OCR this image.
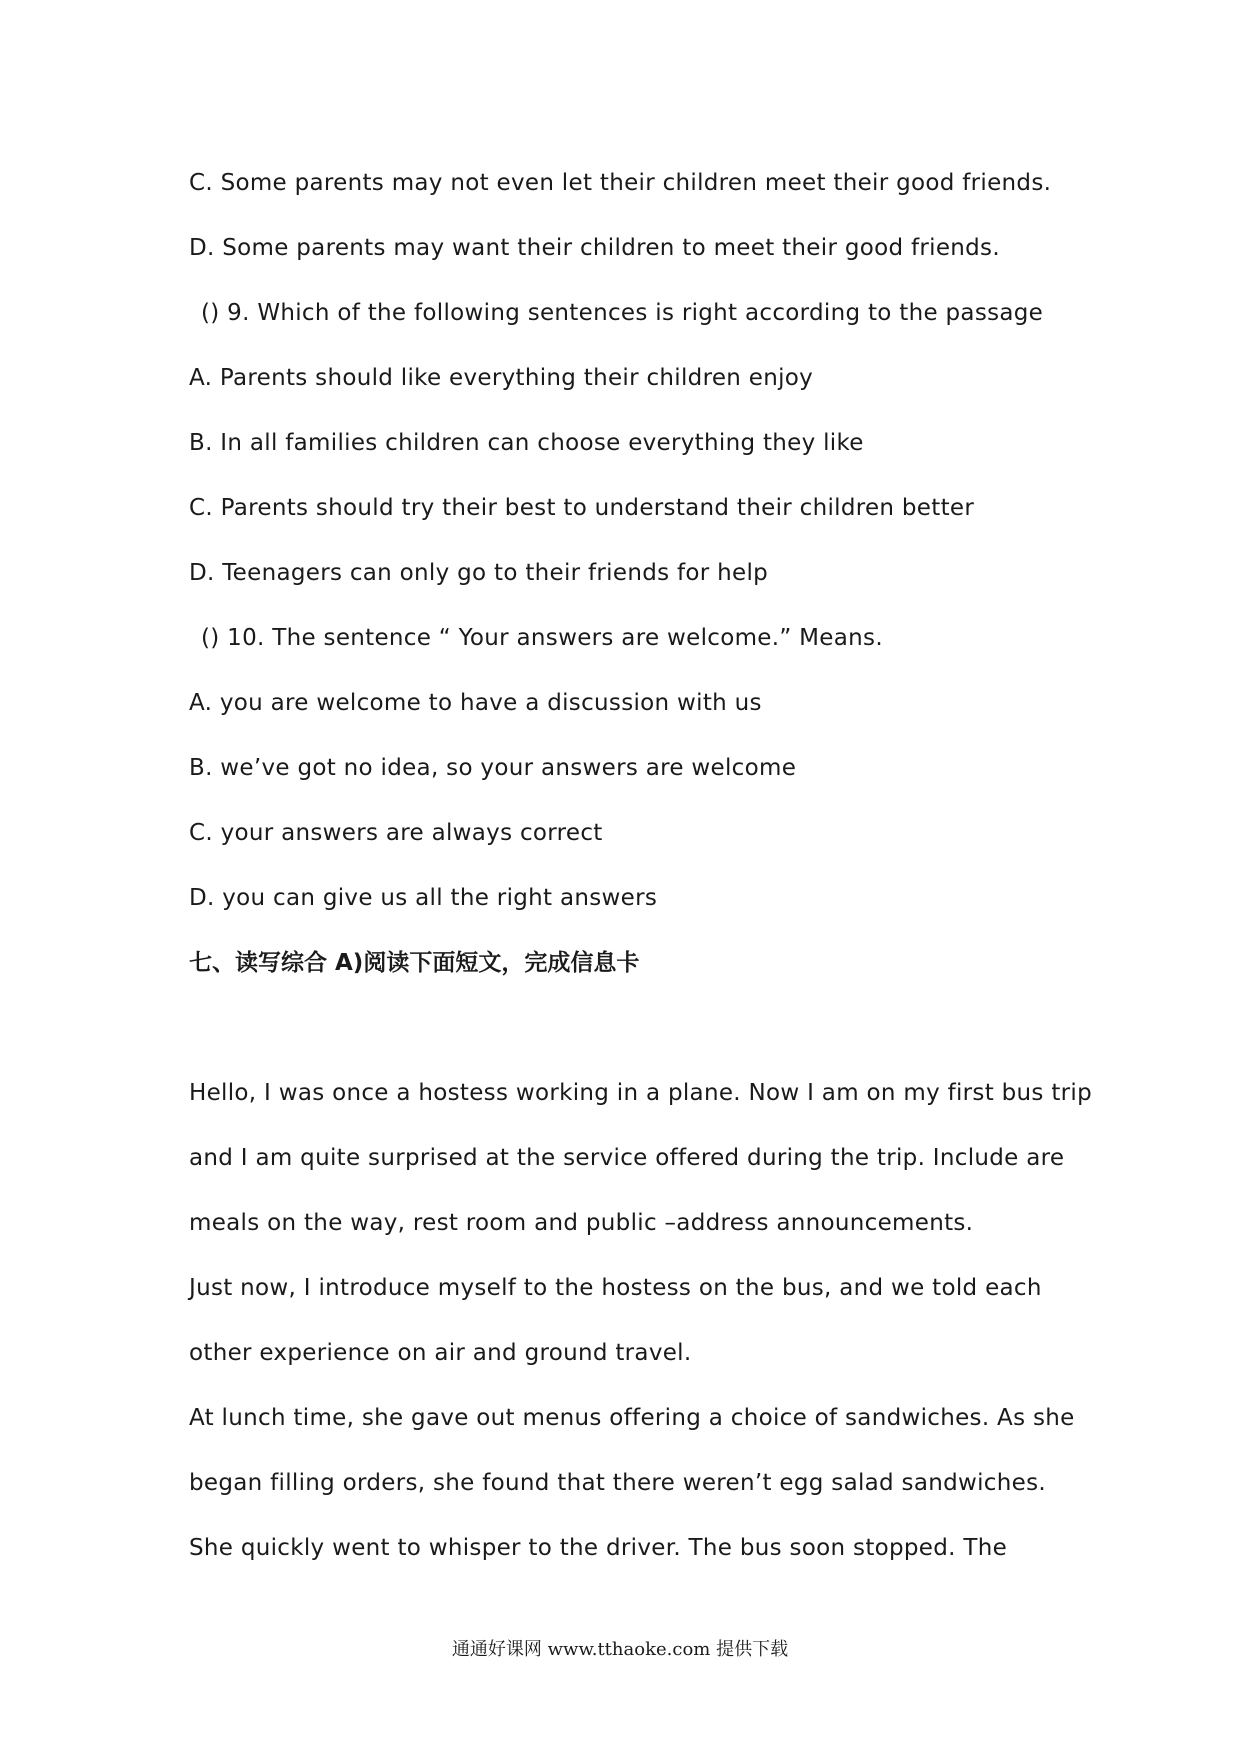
C. Some parents may not even let their children meet their good friends.
D. Some parents may want their children to meet their good friends.
() 9. Which of the following sentences is right according to the passage
A. Parents should like everything their children enjoy
B. In all families children can choose everything they like
C. Parents should try their best to understand their children better
D. Teenagers can only go to their friends for help
() 10. The sentence “ Your answers are welcome.” Means.
A. you are welcome to have a discussion with us
B. we’ve got no idea, so your answers are welcome
C. your answers are always correct
D. you can give us all the right answers
七、读写综合 A)阅读下面短文，完成信息卡
Hello, I was once a hostess working in a plane. Now I am on my first bus trip
and I am quite surprised at the service offered during the trip. Include are
meals on the way, rest room and public –address announcements.
Just now, I introduce myself to the hostess on the bus, and we told each
other experience on air and ground travel.
At lunch time, she gave out menus offering a choice of sandwiches. As she
began filling orders, she found that there weren’t egg salad sandwiches.
She quickly went to whisper to the driver. The bus soon stopped. The
通通好课网 www.tthaoke.com 提供下载
